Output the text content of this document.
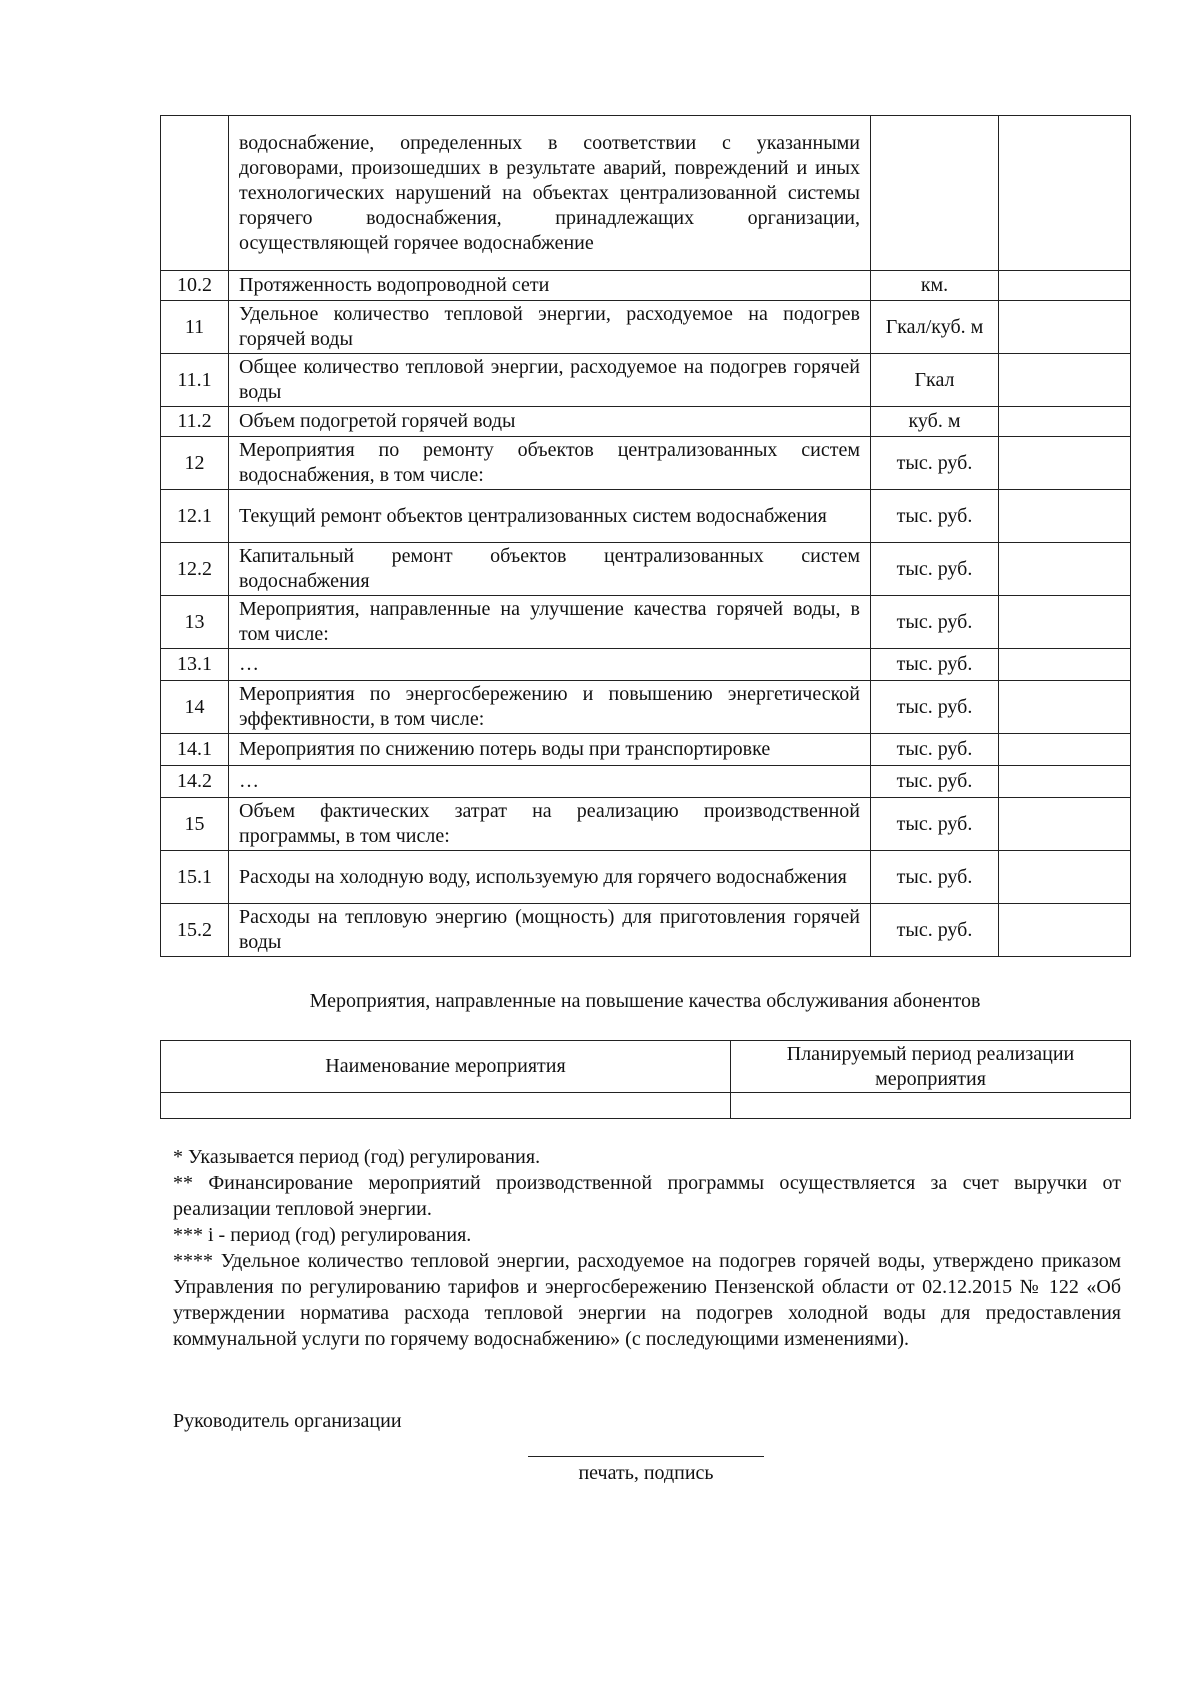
	водоснабжение, определенных в соответствии с указанными договорами, произошедших в результате аварий, повреждений и иных технологических нарушений на объектах централизованной системы горячего водоснабжения, принадлежащих организации, осуществляющей горячее водоснабжение		
10.2	Протяженность водопроводной сети	км.	
11	Удельное количество тепловой энергии, расходуемое на подогрев горячей воды	Гкал/куб. м	
11.1	Общее количество тепловой энергии, расходуемое на подогрев горячей воды	Гкал	
11.2	Объем подогретой горячей воды	куб. м	
12	Мероприятия по ремонту объектов централизованных систем водоснабжения, в том числе:	тыс. руб.	
12.1	Текущий ремонт объектов централизованных систем водоснабжения	тыс. руб.	
12.2	Капитальный ремонт объектов централизованных систем водоснабжения	тыс. руб.	
13	Мероприятия, направленные на улучшение качества горячей воды, в том числе:	тыс. руб.	
13.1	…	тыс. руб.	
14	Мероприятия по энергосбережению и повышению энергетической эффективности, в том числе:	тыс. руб.	
14.1	Мероприятия по снижению потерь воды при транспортировке	тыс. руб.	
14.2	…	тыс. руб.	
15	Объем фактических затрат на реализацию производственной программы, в том числе:	тыс. руб.	
15.1	Расходы на холодную воду, используемую для горячего водоснабжения	тыс. руб.	
15.2	Расходы на тепловую энергию (мощность) для приготовления горячей воды	тыс. руб.	
Мероприятия, направленные на повышение качества обслуживания абонентов
Наименование мероприятия	Планируемый период реализации мероприятия

* Указывается период (год) регулирования.

** Финансирование мероприятий производственной программы осуществляется за счет выручки от реализации тепловой энергии.

*** i - период (год) регулирования.

**** Удельное количество тепловой энергии, расходуемое на подогрев горячей воды, утверждено приказом Управления по регулированию тарифов и энергосбережению Пензенской области от 02.12.2015 № 122 «Об утверждении норматива расхода тепловой энергии на подогрев холодной воды для предоставления коммунальной услуги по горячему водоснабжению» (с последующими изменениями).

Руководитель организации
печать, подпись
